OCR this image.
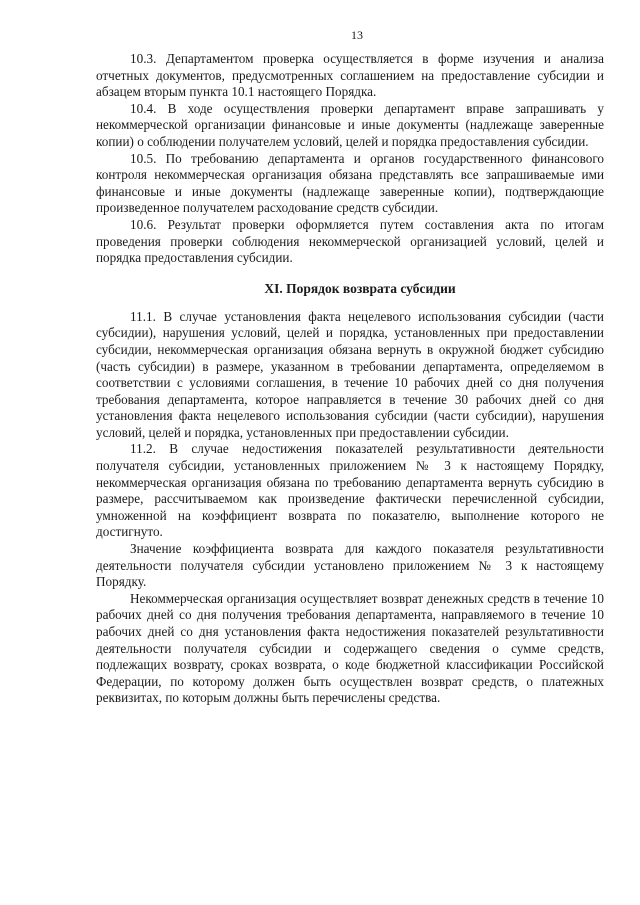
13

10.3. Департаментом проверка осуществляется в форме изучения и анализа отчетных документов, предусмотренных соглашением на предоставление субсидии и абзацем вторым пункта 10.1 настоящего Порядка.

10.4. В ходе осуществления проверки департамент вправе запрашивать у некоммерческой организации финансовые и иные документы (надлежаще заверенные копии) о соблюдении получателем условий, целей и порядка предоставления субсидии.

10.5. По требованию департамента и органов государственного финансового контроля некоммерческая организация обязана представлять все запрашиваемые ими финансовые и иные документы (надлежаще заверенные копии), подтверждающие произведенное получателем расходование средств субсидии.

10.6. Результат проверки оформляется путем составления акта по итогам проведения проверки соблюдения некоммерческой организацией условий, целей и порядка предоставления субсидии.

XI. Порядок возврата субсидии

11.1. В случае установления факта нецелевого использования субсидии (части субсидии), нарушения условий, целей и порядка, установленных при предоставлении субсидии, некоммерческая организация обязана вернуть в окружной бюджет субсидию (часть субсидии) в размере, указанном в требовании департамента, определяемом в соответствии с условиями соглашения, в течение 10 рабочих дней со дня получения требования департамента, которое направляется в течение 30 рабочих дней со дня установления факта нецелевого использования субсидии (части субсидии), нарушения условий, целей и порядка, установленных при предоставлении субсидии.

11.2. В случае недостижения показателей результативности деятельности получателя субсидии, установленных приложением № 3 к настоящему Порядку, некоммерческая организация обязана по требованию департамента вернуть субсидию в размере, рассчитываемом как произведение фактически перечисленной субсидии, умноженной на коэффициент возврата по показателю, выполнение которого не достигнуто.

Значение коэффициента возврата для каждого показателя результативности деятельности получателя субсидии установлено приложением № 3 к настоящему Порядку.

Некоммерческая организация осуществляет возврат денежных средств в течение 10 рабочих дней со дня получения требования департамента, направляемого в течение 10 рабочих дней со дня установления факта недостижения показателей результативности деятельности получателя субсидии и содержащего сведения о сумме средств, подлежащих возврату, сроках возврата, о коде бюджетной классификации Российской Федерации, по которому должен быть осуществлен возврат средств, о платежных реквизитах, по которым должны быть перечислены средства.
